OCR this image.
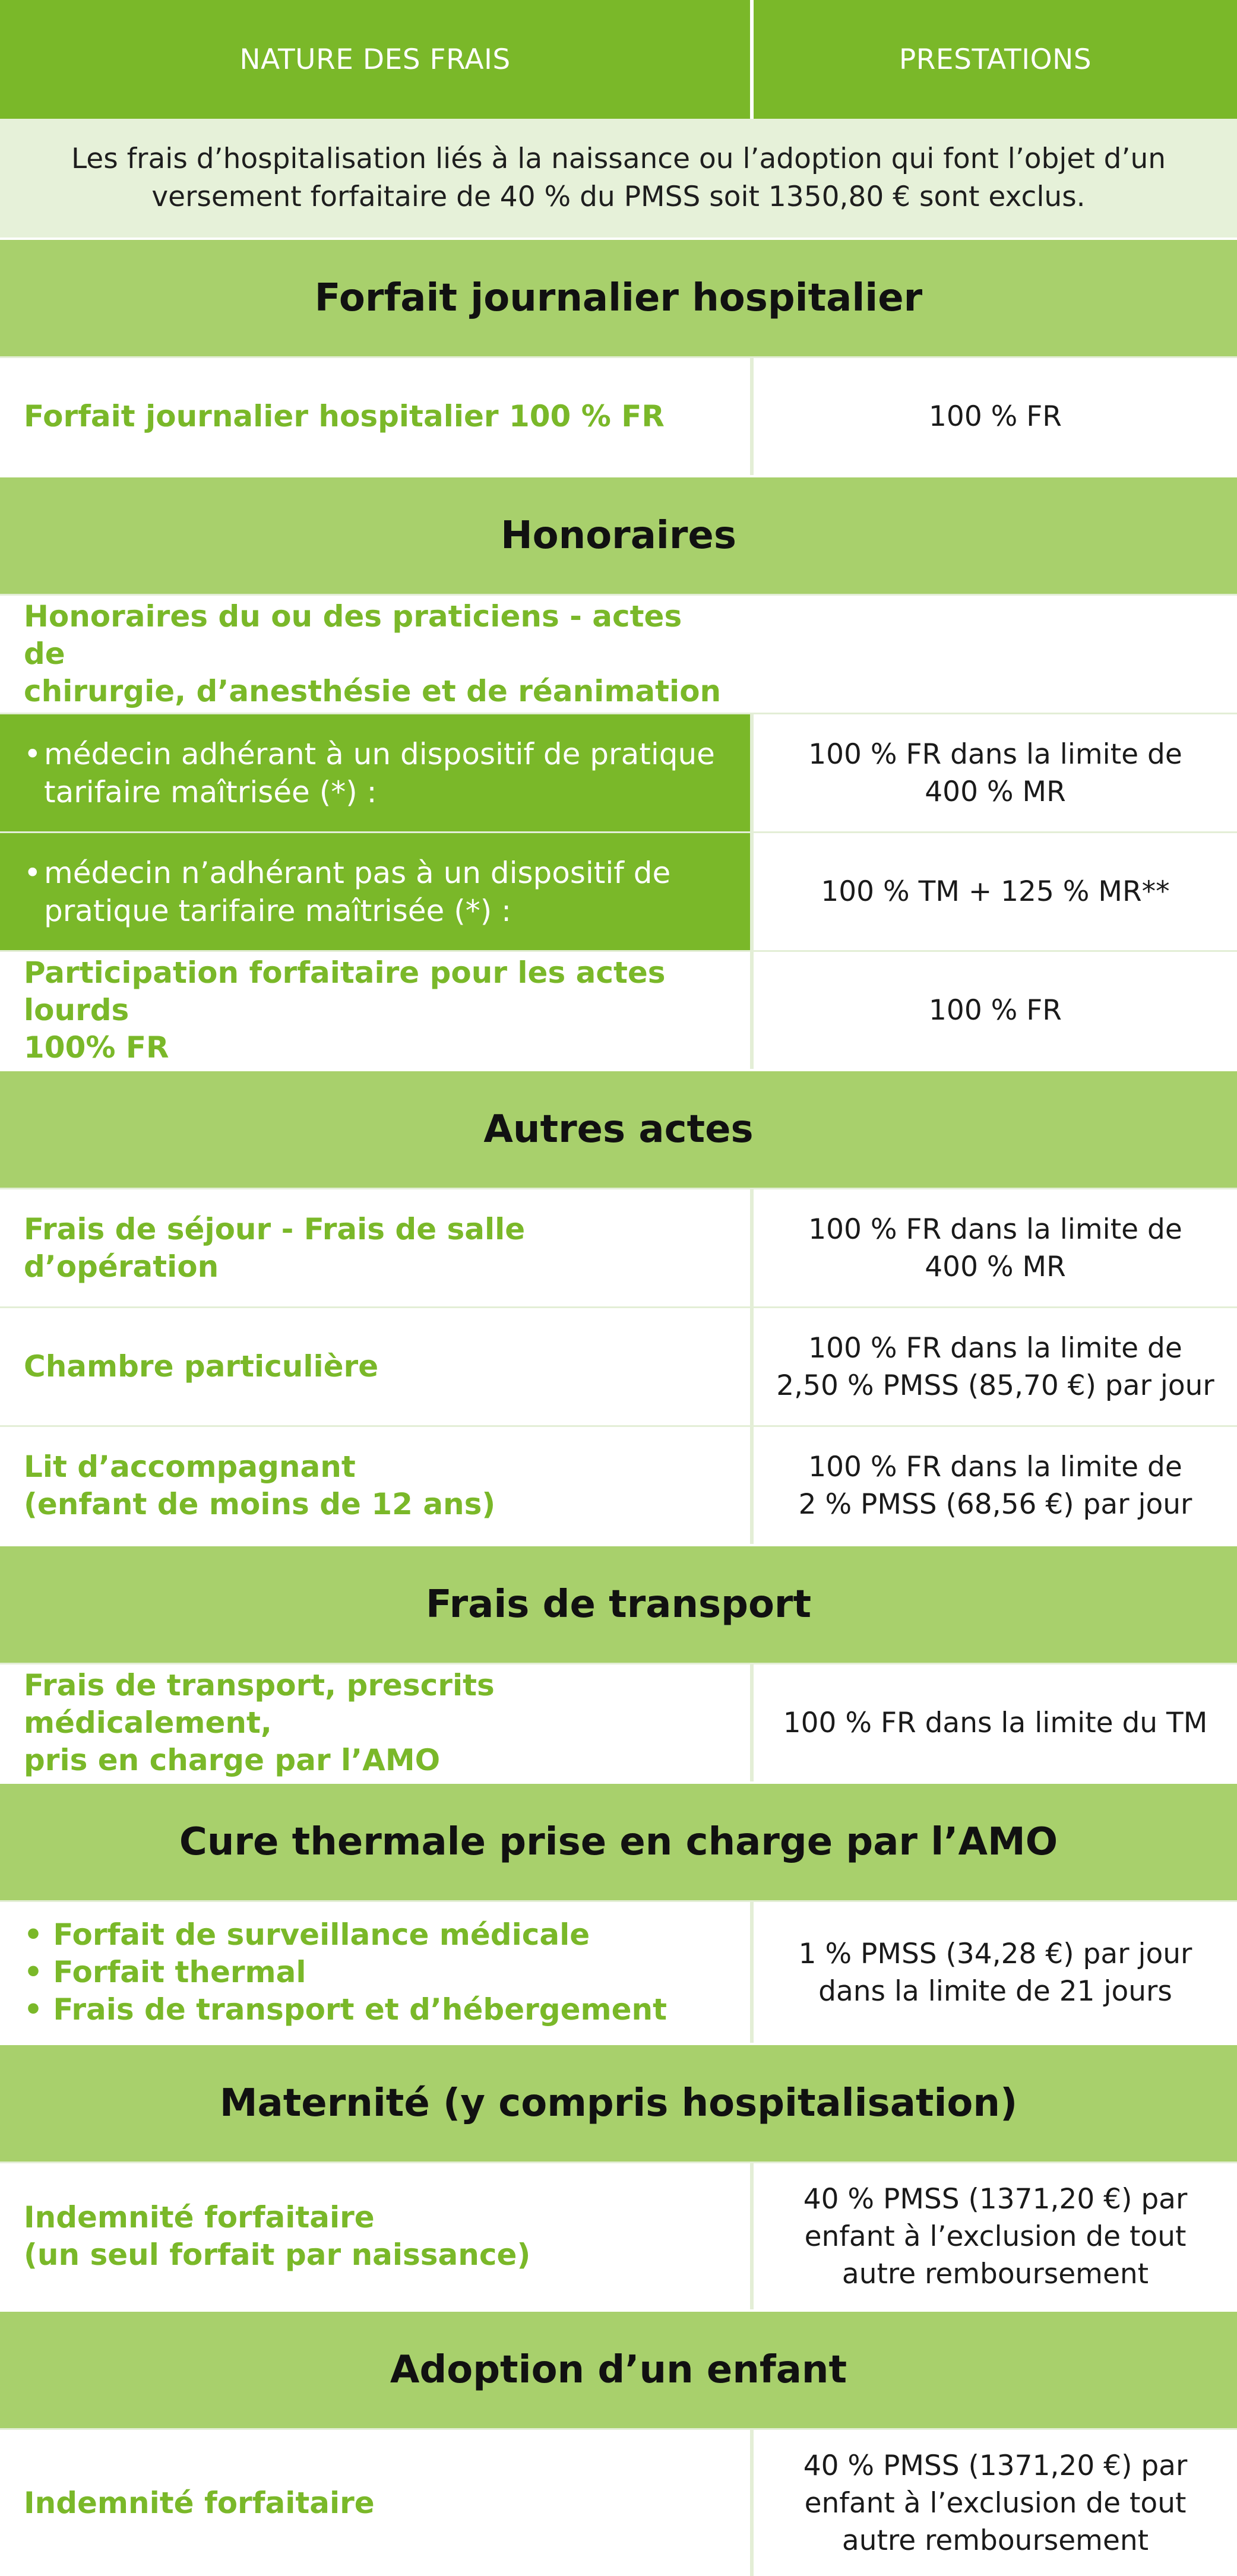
NATURE DES FRAIS	PRESTATIONS
Les frais d’hospitalisation liés à la naissance ou l’adoption qui font l’objet d’un
versement forfaitaire de 40 % du PMSS soit 1350,80 € sont exclus.
Forfait journalier hospitalier
Forfait journalier hospitalier 100 % FR	100 % FR
Honoraires
Honoraires du ou des praticiens - actes de
chirurgie, d’anesthésie et de réanimation
• médecin adhérant à un dispositif de pratique
tarifaire maîtrisée (*) :
100 % FR dans la limite de
400 % MR
• médecin n’adhérant pas à un dispositif de
pratique tarifaire maîtrisée (*) :
100 % TM + 125 % MR**
Participation forfaitaire pour les actes lourds
100% FR
100 % FR
Autres actes
Frais de séjour - Frais de salle d’opération
100 % FR dans la limite de
400 % MR
Chambre particulière
100 % FR dans la limite de
2,50 % PMSS (85,70 €) par jour
Lit d’accompagnant
(enfant de moins de 12 ans)
100 % FR dans la limite de
2 % PMSS (68,56 €) par jour
Frais de transport
Frais de transport, prescrits médicalement,
pris en charge par l’AMO
100 % FR dans la limite du TM
Cure thermale prise en charge par l’AMO
• Forfait de surveillance médicale
• Forfait thermal
• Frais de transport et d’hébergement
1 % PMSS (34,28 €) par jour
dans la limite de 21 jours
Maternité (y compris hospitalisation)
Indemnité forfaitaire
(un seul forfait par naissance)
40 % PMSS (1371,20 €) par
enfant à l’exclusion de tout
autre remboursement
Adoption d’un enfant
Indemnité forfaitaire
40 % PMSS (1371,20 €) par
enfant à l’exclusion de tout
autre remboursement
